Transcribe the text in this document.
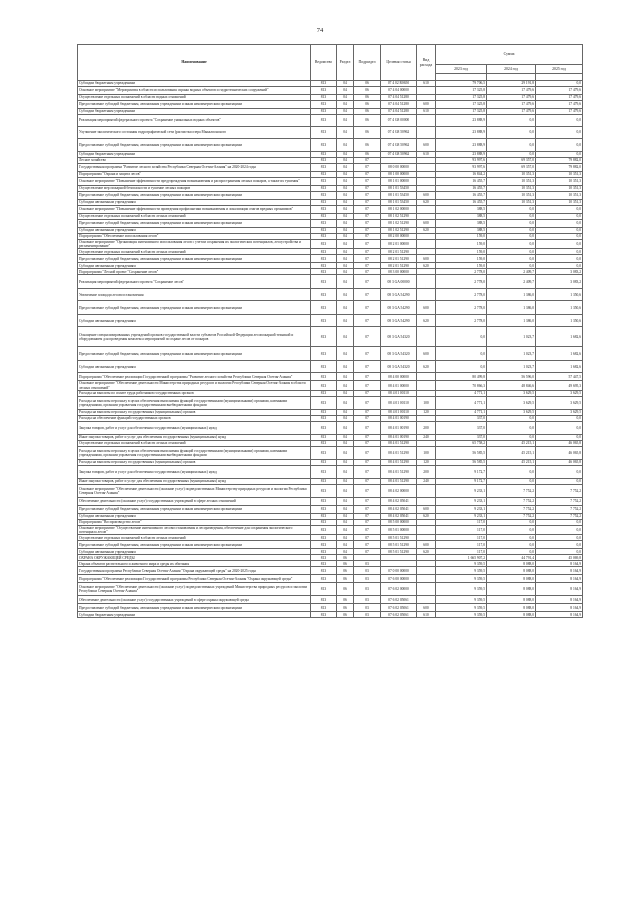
74
Наименование	Ведомство	Раздел	Подраздел	Целевая статья	Вид расхода	Сумма		
						2023 год	2024 год	2025 год

Субсидии бюджетным учреждениям	813	04	06	07 4 02 R0650	610	79 706,5	29 191,8	0,0
Основное мероприятие "Мероприятия в области использования охраны водных объектов и гидротехнических сооружений"	813	04	06	07 4 04 00000		17 325,8	17 479,6	17 479,6
Осуществление отдельных полномочий в области водных отношений	813	04	06	07 4 04 51280		17 325,8	17 479,6	17 479,6
Предоставление субсидий бюджетным, автономным учреждениям и иным некоммерческим организациям	813	04	06	07 4 04 51280	600	17 325,8	17 479,6	17 479,6
Субсидии бюджетным учреждениям	813	04	06	07 4 04 51280	610	17 325,8	17 479,6	17 479,6
Реализация мероприятий федерального проекта "Сохранение уникальных водных объектов"	813	04	06	07 4 G8 00000		23 888,9	0,0	0,0
Улучшение экологического состояния гидрографической сети (расчистки озера Мыкалпонского	813	04	06	07 4 G8 50962		23 888,9	0,0	0,0
Предоставление субсидий бюджетным, автономным учреждениям и иным некоммерческим организациям	813	04	06	07 4 G8 50962	600	23 888,9	0,0	0,0
Субсидии бюджетным учреждениям	813	04	06	07 4 G8 50962	610	23 888,9	0,0	0,0
Лесное хозяйство	813	04	07			93 997,6	69 357,0	79 882,0
Государственная программа "Развитие лесного хозяйства Республики Северная Осетия-Алания" на 2020-2024 годы	813	04	07	08 0 00 00000		93 997,6	69 357,0	79 882,0
Подпрограмма "Охрана и защита лесов"	813	04	07	08 1 00 00000		16 844,2	10 351,3	10 351,3
Основное мероприятие "Повышение эффективности предупреждения возникновения и распространения лесных пожаров, а также их тушения"	813	04	07	08 1 01 00000		16 455,7	10 351,3	10 351,3
Осуществление мер пожарной безопасности и тушение лесных пожаров	813	04	07	08 1 01 53450		16 455,7	10 351,3	10 351,3
Предоставление субсидий бюджетным, автономным учреждениям и иным некоммерческим организациям	813	04	07	08 1 01 53450	600	16 455,7	10 351,3	10 351,3
Субсидии автономным учреждениям	813	04	07	08 1 01 53450	620	16 455,7	10 351,3	10 351,3
Основное мероприятие "Повышение эффективности проведения профилактики возникновения и локализации очагов вредных организмов"	813	04	07	08 1 02 00000		388,5	0,0	0,0
Осуществление отдельных полномочий в области лесных отношений	813	04	07	08 1 02 51290		388,5	0,0	0,0
Предоставление субсидий бюджетным, автономным учреждениям и иным некоммерческим организациям	813	04	07	08 1 02 51290	600	388,5	0,0	0,0
Субсидии автономным учреждениям	813	04	07	08 1 02 51290	620	388,5	0,0	0,0
Подпрограмма "Обеспечение использования лесов"	813	04	07	08 2 00 00000		159,0	0,0	0,0
Основное мероприятие "Организация интенсивного использования лесов с учетом сохранения их экологических потенциалов, лесоустройства и регламентирование"	813	04	07	08 2 01 00000		159,0	0,0	0,0
Осуществление отдельных полномочий в области лесных отношений	813	04	07	08 2 01 51290		159,0	0,0	0,0
Предоставление субсидий бюджетным, автономным учреждениям и иным некоммерческим организациям	813	04	07	08 2 01 51290	600	159,0	0,0	0,0
Субсидии автономным учреждениям	813	04	07	08 2 01 51290	620	159,0	0,0	0,0
Подпрограмма "Лесной проект "Сохранение лесов"	813	04	07	08 3 00 00000		2 778,0	2 409,7	3 083,2
Реализация мероприятий федерального проекта "Сохранение лесов"	813	04	07	08 3 GA 00000		2 778,0	2 409,7	3 083,2
Увеличение площади лесовосстановления	813	04	07	08 3 GA 54290		2 778,0	1 386,0	1 350,6
Предоставление субсидий бюджетным, автономным учреждениям и иным некоммерческим организациям	813	04	07	08 3 GA 54290	600	2 778,0	1 386,0	1 350,6
Субсидии автономным учреждениям	813	04	07	08 3 GA 54290	620	2 778,0	1 386,0	1 350,6
Оснащение специализированных учреждений органов государственной власти субъектов Российской Федерации лесопожарной техникой и оборудованием для проведения комплекса мероприятий по охране лесов от пожаров	813	04	07	08 3 GA 54320		0,0	1 023,7	1 682,6
Предоставление субсидий бюджетным, автономным учреждениям и иным некоммерческим организациям	813	04	07	08 3 GA 54320	600	0,0	1 023,7	1 682,6
Субсидии автономным учреждениям	813	04	07	08 3 GA 54320	620	0,0	1 023,7	1 682,6
Подпрограмма "Обеспечение реализации Государственной программы "Развитие лесного хозяйства Республики Северная Осетия-Алания"	813	04	07	08 4 00 00000		80 499,8	56 596,0	57 447,5
Основное мероприятие "Обеспечение деятельности Министерства природных ресурсов и экологии Республики Северная Осетия-Алания в области лесных отношений"	813	04	07	08 4 01 00000		70 866,3	48 846,6	49 695,3
Расходы на выплаты по оплате труда работников государственных органов	813	04	07	08 4 01 00110		4 771,1	3 629,5	3 629,5
Расходы на выплаты персоналу в целях обеспечения выполнения функций государственными (муниципальными) органами, казенными учреждениями, органами управления государственными внебюджетными фондами	813	04	07	08 4 01 00110	100	4 771,1	3 629,5	3 629,5
Расходы на выплаты персоналу государственных (муниципальных) органов	813	04	07	08 4 01 00110	120	4 771,1	3 629,5	3 629,5
Расходы на обеспечение функций государственных органов	813	04	07	08 4 01 00190		337,0	0,0	0,0
Закупка товаров, работ и услуг для обеспечения государственных (муниципальных) нужд	813	04	07	08 4 01 00190	200	337,0	0,0	0,0
Иные закупки товаров, работ и услуг для обеспечения государственных (муниципальных) нужд	813	04	07	08 4 01 00190	240	337,0	0,0	0,0
Осуществление отдельных полномочий в области лесных отношений	813	04	07	08 4 01 51290		65 758,2	45 215,1	46 065,8
Расходы на выплаты персоналу в целях обеспечения выполнения функций государственными (муниципальными) органами, казенными учреждениями, органами управления государственными внебюджетными фондами	813	04	07	08 4 01 51290	100	56 585,5	45 215,1	46 065,8
Расходы на выплаты персоналу государственных (муниципальных) органов	813	04	07	08 4 01 51290	120	56 585,5	45 215,1	46 065,8
Закупка товаров, работ и услуг для обеспечения государственных (муниципальных) нужд	813	04	07	08 4 01 51290	200	9 172,7	0,0	0,0
Иные закупки товаров, работ и услуг для обеспечения государственных (муниципальных) нужд	813	04	07	08 4 01 51290	240	9 172,7	0,0	0,0
Основное мероприятие "Обеспечение деятельности (оказание услуг) подведомственных Министерству природных ресурсов и экологии Республики Северная Осетия-Алания"	813	04	07	08 4 02 00000		9 233,1	7 752,2	7 752,2
Обеспечение деятельности (оказание услуг) государственных учреждений в сфере лесных отношений	813	04	07	08 4 02 05041		9 233,1	7 752,2	7 752,2
Предоставление субсидий бюджетным, автономным учреждениям и иным некоммерческим организациям	813	04	07	08 4 02 05041	600	9 233,1	7 752,2	7 752,2
Субсидии автономным учреждениям	813	04	07	08 4 02 05041	620	9 233,1	7 752,2	7 752,2
Подпрограмма "Воспроизводство лесов"	813	04	07	08 5 00 00000		117,0	0,0	0,0
Основное мероприятие "Осуществление интенсивного лесовосстановления и лесоразведения, обеспечение для сохранения экологического потенциала лесов"	813	04	07	08 5 01 00000		117,0	0,0	0,0
Осуществление отдельных полномочий в области лесных отношений	813	04	07	08 5 01 51290		117,0	0,0	0,0
Предоставление субсидий бюджетным, автономным учреждениям и иным некоммерческим организациям	813	04	07	08 5 01 51290	600	117,0	0,0	0,0
Субсидии автономным учреждениям	813	04	07	08 5 01 51290	620	117,0	0,0	0,0
ОХРАНА ОКРУЖАЮЩЕЙ СРЕДЫ	813	06				1 665 907,2	44 791,4	45 069,8
Охрана объектов растительного и животного мира и среды их обитания	813	06	03			9 359,5	8 088,0	8 164,9
Государственная программа Республики Северная Осетия-Алания "Охрана окружающей среды" на 2020-2025 годы	813	06	03	07 0 00 00000		9 359,5	8 088,0	8 164,9
Подпрограмма "Обеспечение реализации Государственной программы Республики Северная Осетия-Алания "Охрана окружающей среды"	813	06	03	07 6 00 00000		9 359,5	8 088,0	8 164,9
Основное мероприятие "Обеспечение деятельности (оказание услуг) подведомственных учреждений Министерства природных ресурсов и экологии Республики Северная Осетия-Алания"	813	06	03	07 6 02 00000		9 359,5	8 088,0	8 164,9
Обеспечение деятельности (оказание услуг) государственных учреждений в сфере охраны окружающей среды	813	06	03	07 6 02 05061		9 359,5	8 088,0	8 164,9
Предоставление субсидий бюджетным, автономным учреждениям и иным некоммерческим организациям	813	06	03	07 6 02 05061	600	9 359,5	8 088,0	8 164,9
Субсидии бюджетным учреждениям	813	06	03	07 6 02 05061	610	9 359,5	8 088,0	8 164,9
